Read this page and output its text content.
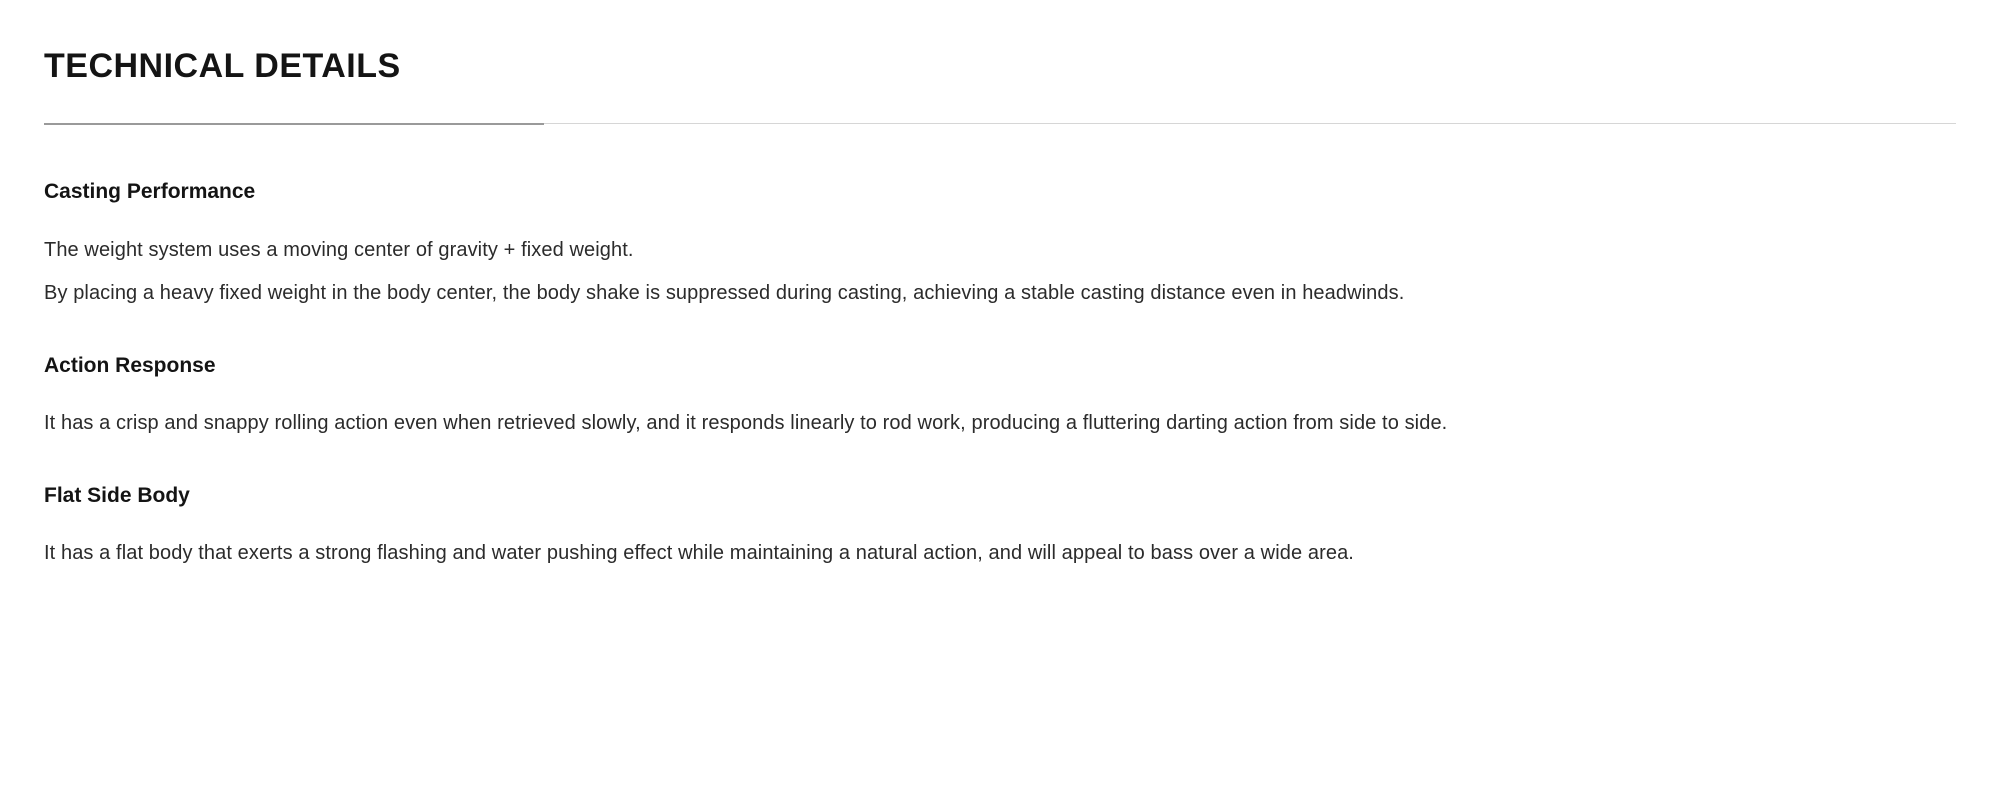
TECHNICAL DETAILS
Casting Performance

The weight system uses a moving center of gravity + fixed weight.

By placing a heavy fixed weight in the body center, the body shake is suppressed during casting, achieving a stable casting distance even in headwinds.

Action Response

It has a crisp and snappy rolling action even when retrieved slowly, and it responds linearly to rod work, producing a fluttering darting action from side to side.

Flat Side Body

It has a flat body that exerts a strong flashing and water pushing effect while maintaining a natural action, and will appeal to bass over a wide area.
